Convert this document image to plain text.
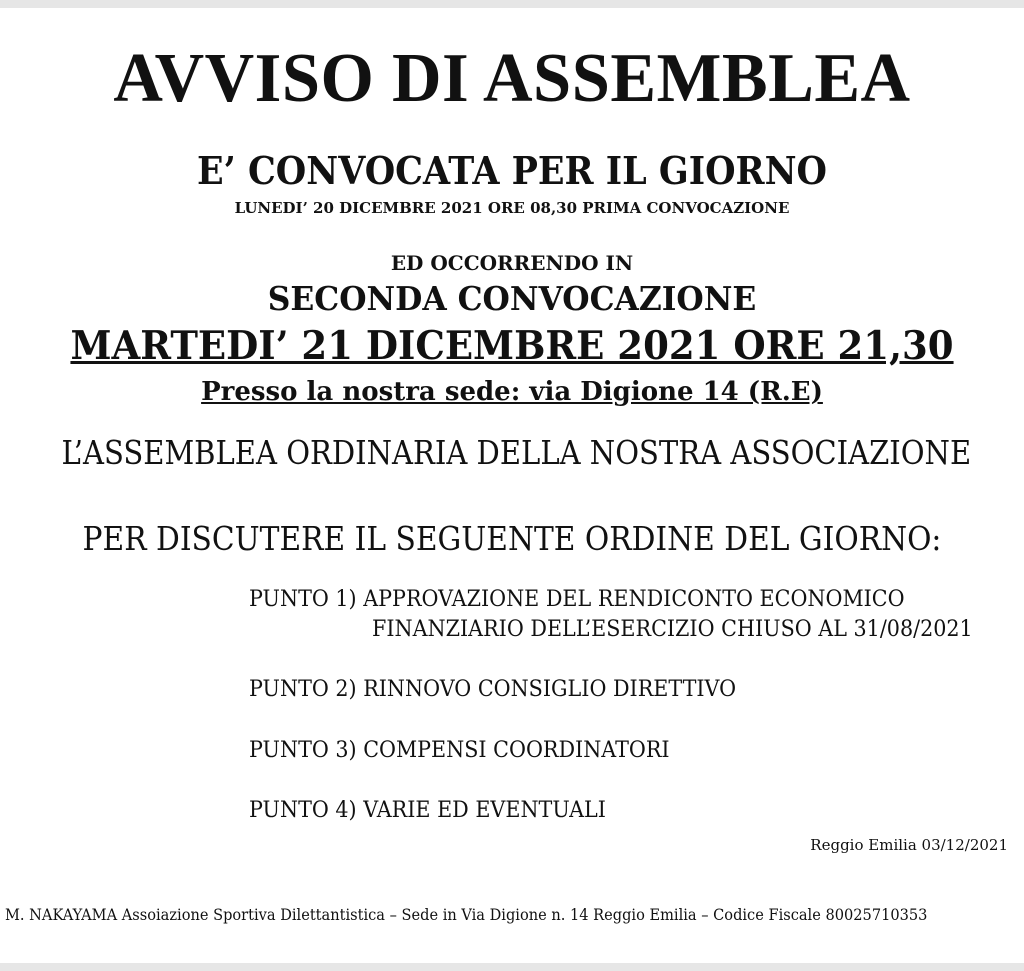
AVVISO DI ASSEMBLEA
E’ CONVOCATA PER IL GIORNO
LUNEDI’ 20 DICEMBRE 2021 ORE 08,30 PRIMA CONVOCAZIONE
ED OCCORRENDO IN
SECONDA CONVOCAZIONE
MARTEDI’ 21 DICEMBRE 2021 ORE 21,30
Presso la nostra sede: via Digione 14 (R.E)
L’ASSEMBLEA ORDINARIA DELLA NOSTRA ASSOCIAZIONE
PER DISCUTERE IL SEGUENTE ORDINE DEL GIORNO:
PUNTO 1) APPROVAZIONE DEL RENDICONTO ECONOMICO
FINANZIARIO DELL’ESERCIZIO CHIUSO AL 31/08/2021
PUNTO 2) RINNOVO CONSIGLIO DIRETTIVO
PUNTO 3) COMPENSI COORDINATORI
PUNTO 4) VARIE ED EVENTUALI
Reggio Emilia 03/12/2021
M. NAKAYAMA Assoiazione Sportiva Dilettantistica – Sede in Via Digione n. 14 Reggio Emilia – Codice Fiscale 80025710353
